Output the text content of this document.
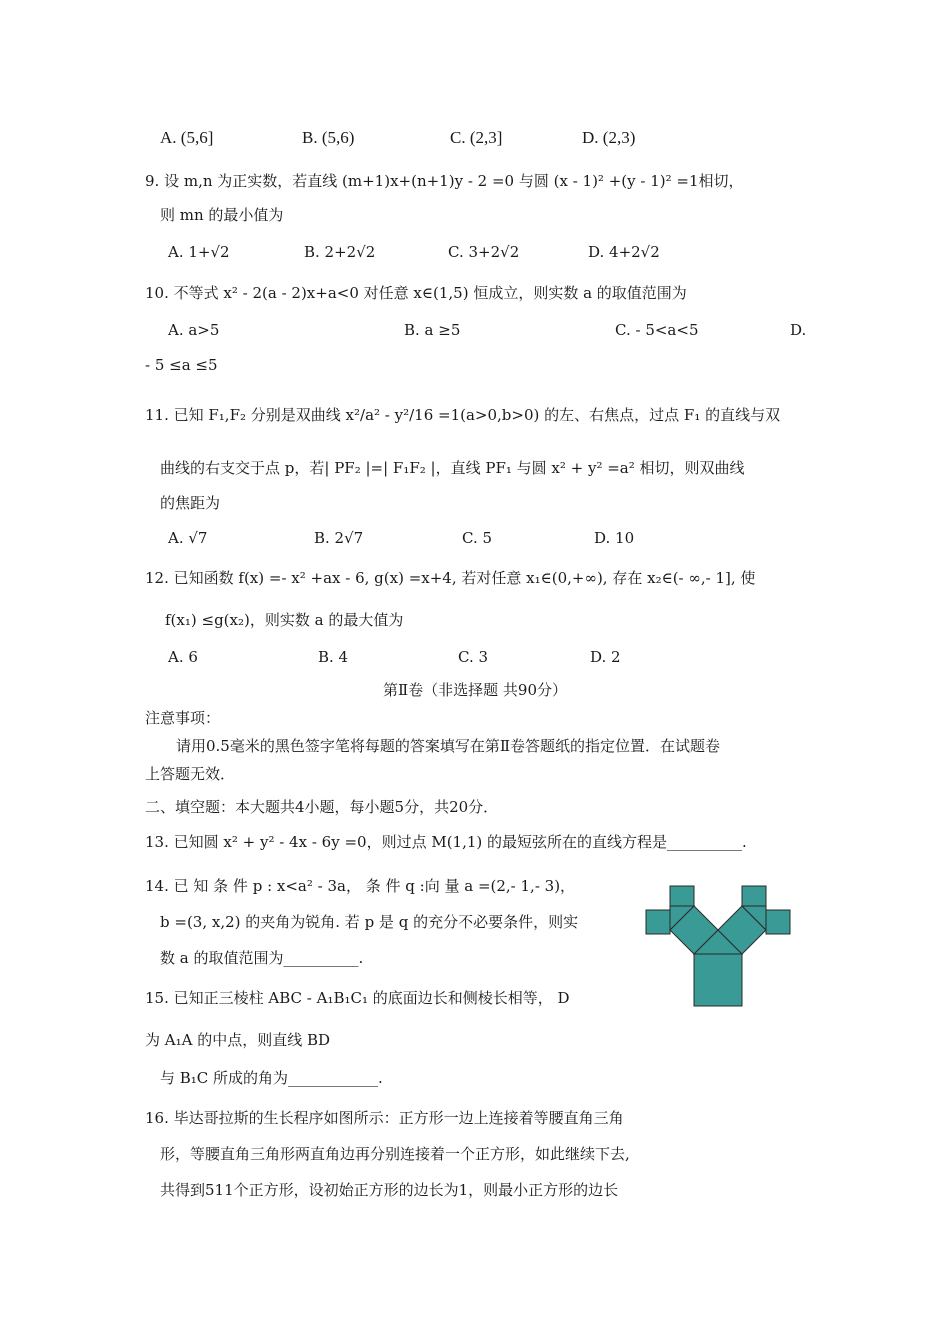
A. (5,6]	B. (5,6)	C. (2,3]	D. (2,3)
9. 设 m,n 为正实数，若直线 (m+1)x+(n+1)y - 2 =0 与圆 (x - 1)² +(y - 1)² =1相切，
则 mn 的最小值为
A. 1+√2	B. 2+2√2	C. 3+2√2	D. 4+2√2
10. 不等式 x² - 2(a - 2)x+a<0 对任意 x∈(1,5) 恒成立，则实数 a 的取值范围为
A. a>5	B. a ≥5	C. - 5<a<5	D.
- 5 ≤a ≤5
11. 已知 F₁,F₂ 分别是双曲线 x²/a² - y²/16 =1(a>0,b>0) 的左、右焦点，过点 F₁ 的直线与双
曲线的右支交于点 p，若| PF₂ |=| F₁F₂ |，直线 PF₁ 与圆 x² + y² =a² 相切，则双曲线
的焦距为
A. √7	B. 2√7	C. 5	D. 10
12. 已知函数 f(x) =- x² +ax - 6, g(x) =x+4, 若对任意 x₁∈(0,+∞), 存在 x₂∈(- ∞,- 1], 使
f(x₁) ≤g(x₂)，则实数 a 的最大值为
A. 6	B. 4	C. 3	D. 2
第Ⅱ卷（非选择题 共90分）
注意事项：
请用0.5毫米的黑色签字笔将每题的答案填写在第Ⅱ卷答题纸的指定位置．在试题卷
上答题无效．
二、填空题：本大题共4小题，每小题5分，共20分．
13. 已知圆 x² + y² - 4x - 6y =0，则过点 M(1,1) 的最短弦所在的直线方程是__________.
14. 已 知 条 件 p : x<a² - 3a， 条 件 q :向 量 a =(2,- 1,- 3)，
b =(3, x,2) 的夹角为锐角. 若 p 是 q 的充分不必要条件，则实
数 a 的取值范围为__________.
15. 已知正三棱柱 ABC - A₁B₁C₁ 的底面边长和侧棱长相等， D
为 A₁A 的中点，则直线 BD
与 B₁C 所成的角为____________.
16. 毕达哥拉斯的生长程序如图所示：正方形一边上连接着等腰直角三角
形，等腰直角三角形两直角边再分别连接着一个正方形，如此继续下去,
共得到511个正方形，设初始正方形的边长为1，则最小正方形的边长
